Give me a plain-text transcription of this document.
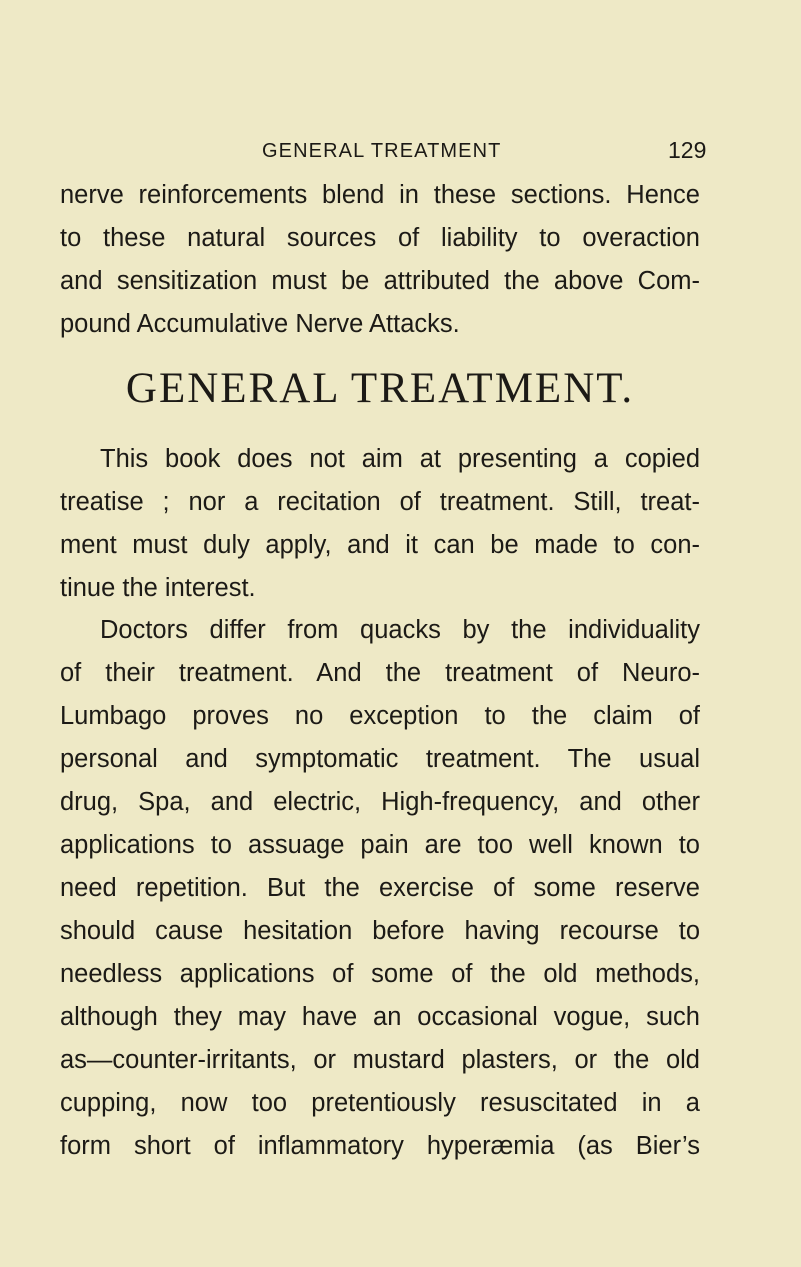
GENERAL TREATMENT	129
nerve reinforcements blend in these sections. Hence
to these natural sources of liability to overaction
and sensitization must be attributed the above Com-
pound Accumulative Nerve Attacks.
GENERAL TREATMENT.
This book does not aim at presenting a copied
treatise ; nor a recitation of treatment. Still, treat-
ment must duly apply, and it can be made to con-
tinue the interest.
Doctors differ from quacks by the individuality
of their treatment. And the treatment of Neuro-
Lumbago proves no exception to the claim of
personal and symptomatic treatment. The usual
drug, Spa, and electric, High-frequency, and other
applications to assuage pain are too well known to
need repetition. But the exercise of some reserve
should cause hesitation before having recourse to
needless applications of some of the old methods,
although they may have an occasional vogue, such
as—counter-irritants, or mustard plasters, or the old
cupping, now too pretentiously resuscitated in a
form short of inflammatory hyperæmia (as Bier’s
